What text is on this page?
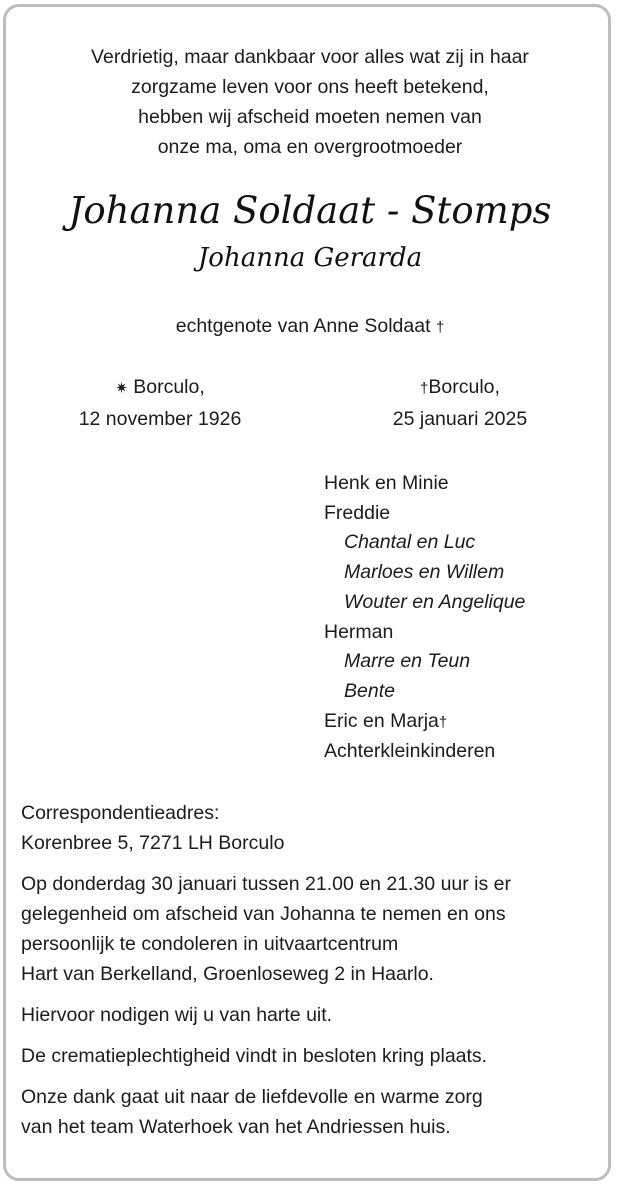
Verdrietig, maar dankbaar voor alles wat zij in haar
zorgzame leven voor ons heeft betekend,
hebben wij afscheid moeten nemen van
onze ma, oma en overgrootmoeder
Johanna Soldaat - Stomps
Johanna Gerarda
echtgenote van Anne Soldaat †
✷ Borculo,
12 november 1926
†Borculo,
25 januari 2025
Henk en Minie
Freddie
Chantal en Luc
Marloes en Willem
Wouter en Angelique
Herman
Marre en Teun
Bente
Eric en Marja†
Achterkleinkinderen

Correspondentieadres:
Korenbree 5, 7271 LH Borculo

Op donderdag 30 januari tussen 21.00 en 21.30 uur is er
gelegenheid om afscheid van Johanna te nemen en ons
persoonlijk te condoleren in uitvaartcentrum
Hart van Berkelland, Groenloseweg 2 in Haarlo.

Hiervoor nodigen wij u van harte uit.

De crematieplechtigheid vindt in besloten kring plaats.

Onze dank gaat uit naar de liefdevolle en warme zorg
van het team Waterhoek van het Andriessen huis.
